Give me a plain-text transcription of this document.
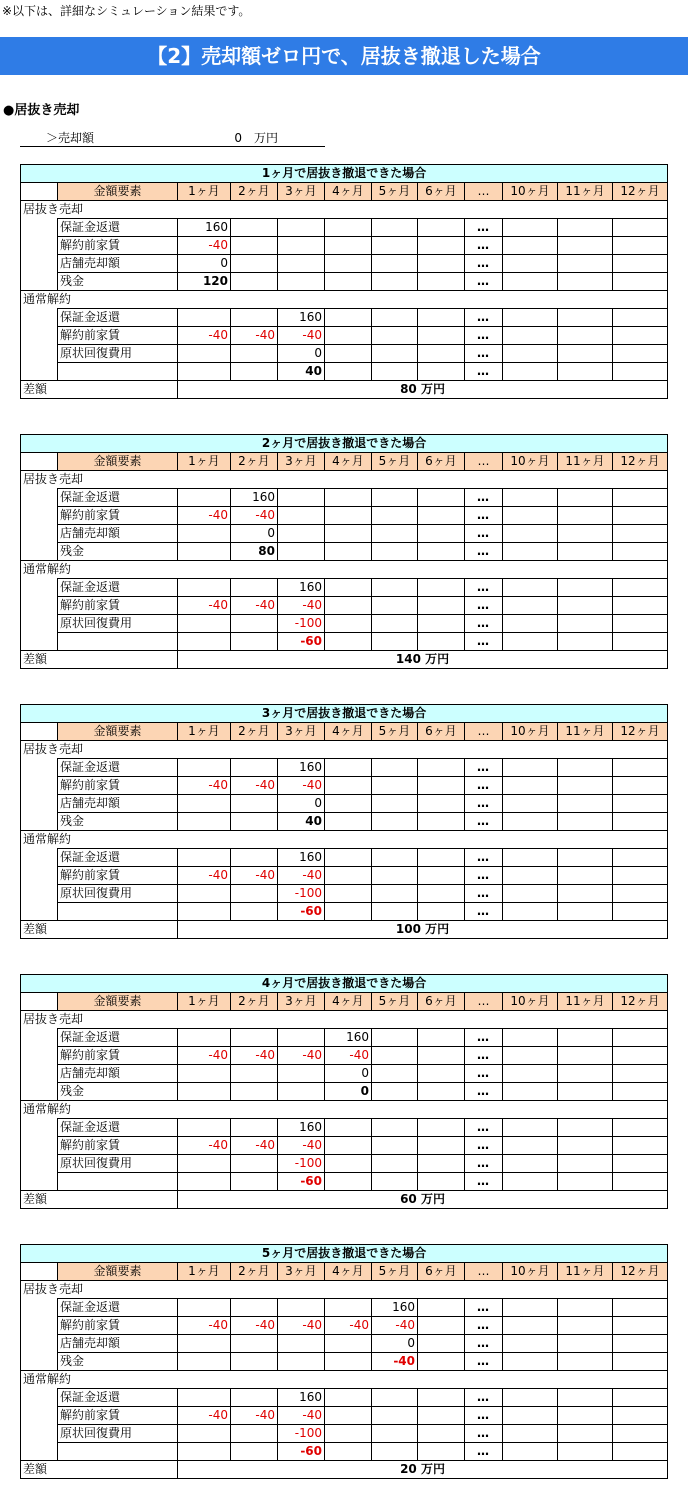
※以下は、詳細なシミュレーション結果です。
【2】売却額ゼロ円で、居抜き撤退した場合
●居抜き売却
＞売却額	0 万円
1ヶ月で居抜き撤退できた場合											
	金額要素	1ヶ月	2ヶ月	3ヶ月	4ヶ月	5ヶ月	6ヶ月	…	10ヶ月	11ヶ月	12ヶ月
居抜き売却											
	保証金返還	160						…			
	解約前家賃	-40						…			
	店舗売却額	0						…			
	残金	120						…			
通常解約											
	保証金返還			160				…			
	解約前家賃	-40	-40	-40				…			
	原状回復費用			0				…			
				40				…			
差額		80 万円									
2ヶ月で居抜き撤退できた場合											
	金額要素	1ヶ月	2ヶ月	3ヶ月	4ヶ月	5ヶ月	6ヶ月	…	10ヶ月	11ヶ月	12ヶ月
居抜き売却											
	保証金返還		160					…			
	解約前家賃	-40	-40					…			
	店舗売却額		0					…			
	残金		80					…			
通常解約											
	保証金返還			160				…			
	解約前家賃	-40	-40	-40				…			
	原状回復費用			-100				…			
				-60				…			
差額		140 万円									
3ヶ月で居抜き撤退できた場合											
	金額要素	1ヶ月	2ヶ月	3ヶ月	4ヶ月	5ヶ月	6ヶ月	…	10ヶ月	11ヶ月	12ヶ月
居抜き売却											
	保証金返還			160				…			
	解約前家賃	-40	-40	-40				…			
	店舗売却額			0				…			
	残金			40				…			
通常解約											
	保証金返還			160				…			
	解約前家賃	-40	-40	-40				…			
	原状回復費用			-100				…			
				-60				…			
差額		100 万円									
4ヶ月で居抜き撤退できた場合											
	金額要素	1ヶ月	2ヶ月	3ヶ月	4ヶ月	5ヶ月	6ヶ月	…	10ヶ月	11ヶ月	12ヶ月
居抜き売却											
	保証金返還				160			…			
	解約前家賃	-40	-40	-40	-40			…			
	店舗売却額				0			…			
	残金				0			…			
通常解約											
	保証金返還			160				…			
	解約前家賃	-40	-40	-40				…			
	原状回復費用			-100				…			
				-60				…			
差額		60 万円									
5ヶ月で居抜き撤退できた場合											
	金額要素	1ヶ月	2ヶ月	3ヶ月	4ヶ月	5ヶ月	6ヶ月	…	10ヶ月	11ヶ月	12ヶ月
居抜き売却											
	保証金返還					160		…			
	解約前家賃	-40	-40	-40	-40	-40		…			
	店舗売却額					0		…			
	残金					-40		…			
通常解約											
	保証金返還			160				…			
	解約前家賃	-40	-40	-40				…			
	原状回復費用			-100				…			
				-60				…			
差額		20 万円									
